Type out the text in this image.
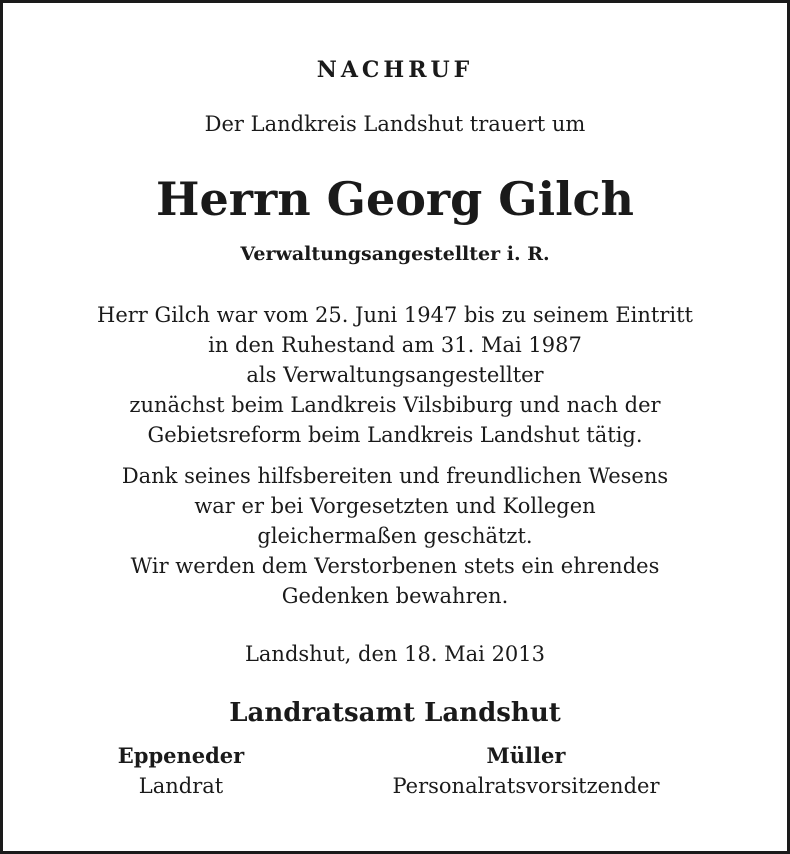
NACHRUF
Der Landkreis Landshut trauert um
Herrn Georg Gilch
Verwaltungsangestellter i. R.
Herr Gilch war vom 25. Juni 1947 bis zu seinem Eintritt
in den Ruhestand am 31. Mai 1987
als Verwaltungsangestellter
zunächst beim Landkreis Vilsbiburg und nach der
Gebietsreform beim Landkreis Landshut tätig.
Dank seines hilfsbereiten und freundlichen Wesens
war er bei Vorgesetzten und Kollegen
gleichermaßen geschätzt.
Wir werden dem Verstorbenen stets ein ehrendes
Gedenken bewahren.
Landshut, den 18. Mai 2013
Landratsamt Landshut
Eppeneder
Landrat
Müller
Personalratsvorsitzender
